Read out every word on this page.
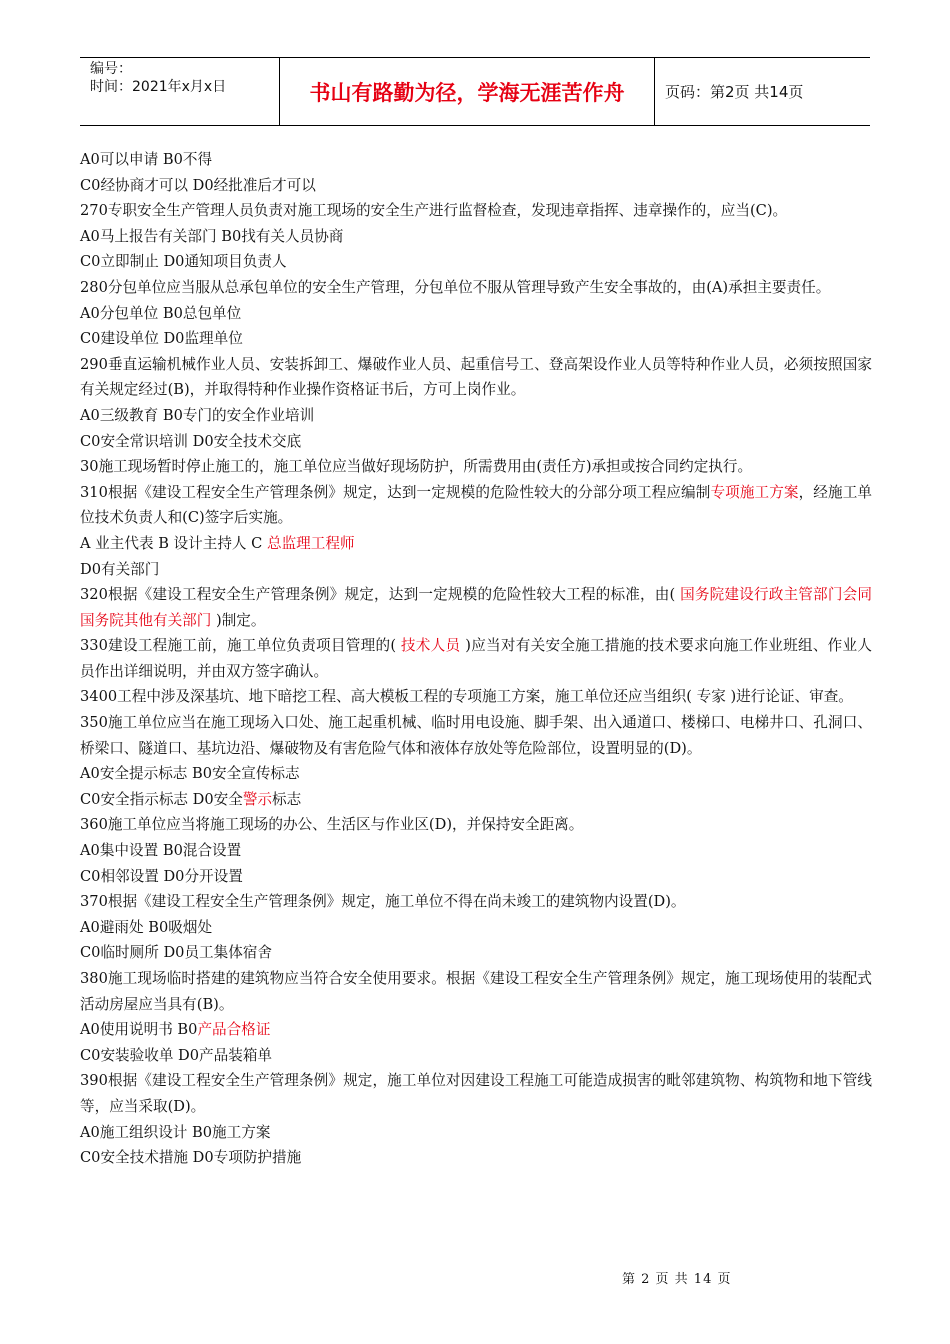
编号：
时间：2021年x月x日	书山有路勤为径，学海无涯苦作舟	页码：第2页 共14页

A0可以申请 B0不得

C0经协商才可以 D0经批准后才可以

270专职安全生产管理人员负责对施工现场的安全生产进行监督检查，发现违章指挥、违章操作的，应当(C)。

A0马上报告有关部门 B0找有关人员协商

C0立即制止 D0通知项目负责人

280分包单位应当服从总承包单位的安全生产管理，分包单位不服从管理导致产生安全事故的，由(A)承担主要责任。

A0分包单位 B0总包单位

C0建设单位 D0监理单位

290垂直运输机械作业人员、安装拆卸工、爆破作业人员、起重信号工、登高架设作业人员等特种作业人员，必须按照国家有关规定经过(B)，并取得特种作业操作资格证书后，方可上岗作业。

A0三级教育 B0专门的安全作业培训

C0安全常识培训 D0安全技术交底

30施工现场暂时停止施工的，施工单位应当做好现场防护，所需费用由(责任方)承担或按合同约定执行。

310根据《建设工程安全生产管理条例》规定，达到一定规模的危险性较大的分部分项工程应编制专项施工方案，经施工单位技术负责人和(C)签字后实施。

A 业主代表 B 设计主持人 C 总监理工程师

D0有关部门

320根据《建设工程安全生产管理条例》规定，达到一定规模的危险性较大工程的标准，由( 国务院建设行政主管部门会同国务院其他有关部门 )制定。

330建设工程施工前，施工单位负责项目管理的( 技术人员 )应当对有关安全施工措施的技术要求向施工作业班组、作业人员作出详细说明，并由双方签字确认。

3400工程中涉及深基坑、地下暗挖工程、高大模板工程的专项施工方案，施工单位还应当组织( 专家 )进行论证、审查。

350施工单位应当在施工现场入口处、施工起重机械、临时用电设施、脚手架、出入通道口、楼梯口、电梯井口、孔洞口、桥梁口、隧道口、基坑边沿、爆破物及有害危险气体和液体存放处等危险部位，设置明显的(D)。

A0安全提示标志 B0安全宣传标志

C0安全指示标志 D0安全警示标志

360施工单位应当将施工现场的办公、生活区与作业区(D)，并保持安全距离。

A0集中设置 B0混合设置

C0相邻设置 D0分开设置

370根据《建设工程安全生产管理条例》规定，施工单位不得在尚未竣工的建筑物内设置(D)。

A0避雨处 B0吸烟处

C0临时厕所 D0员工集体宿舍

380施工现场临时搭建的建筑物应当符合安全使用要求。根据《建设工程安全生产管理条例》规定，施工现场使用的装配式活动房屋应当具有(B)。

A0使用说明书 B0产品合格证

C0安装验收单 D0产品装箱单

390根据《建设工程安全生产管理条例》规定，施工单位对因建设工程施工可能造成损害的毗邻建筑物、构筑物和地下管线等，应当采取(D)。

A0施工组织设计 B0施工方案

C0安全技术措施 D0专项防护措施

第 2 页 共 14 页
